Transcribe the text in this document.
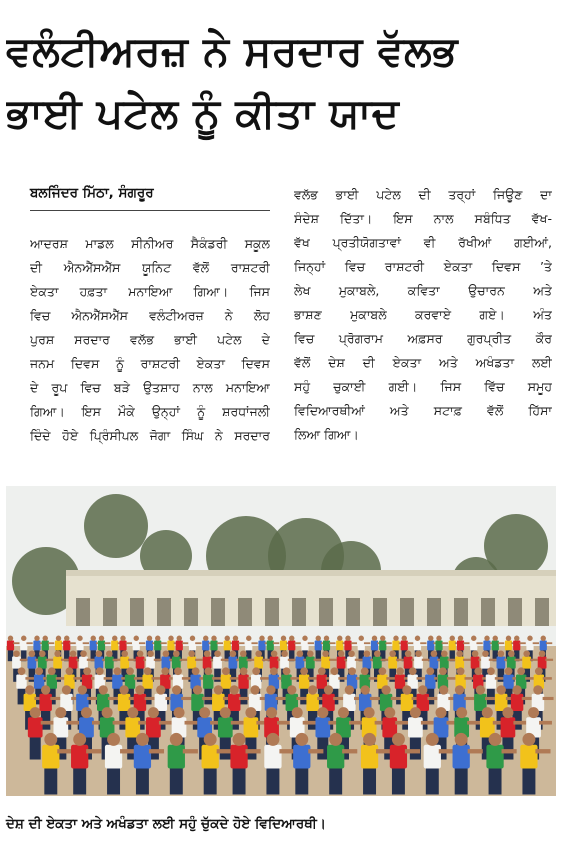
ਵਲੰਟੀਅਰਜ਼ ਨੇ ਸਰਦਾਰ ਵੱਲਭ
ਭਾਈ ਪਟੇਲ ਨੂੰ ਕੀਤਾ ਯਾਦ
ਬਲਜਿੰਦਰ ਮਿੱਠਾ, ਸੰਗਰੂਰ
ਆਦਰਸ਼ ਮਾਡਲ ਸੀਨੀਅਰ ਸੈਕੰਡਰੀ ਸਕੂਲ
ਦੀ ਐਨਐੱਸਐੱਸ ਯੂਨਿਟ ਵੱਲੋਂ ਰਾਸ਼ਟਰੀ
ਏਕਤਾ ਹਫ਼ਤਾ ਮਨਾਇਆ ਗਿਆ। ਜਿਸ
ਵਿਚ ਐਨਐੱਸਐੱਸ ਵਲੰਟੀਅਰਜ਼ ਨੇ ਲੋਹ
ਪੁਰਸ਼ ਸਰਦਾਰ ਵਲੱਭ ਭਾਈ ਪਟੇਲ ਦੇ
ਜਨਮ ਦਿਵਸ ਨੂੰ ਰਾਸ਼ਟਰੀ ਏਕਤਾ ਦਿਵਸ
ਦੇ ਰੂਪ ਵਿਚ ਬੜੇ ਉਤਸ਼ਾਹ ਨਾਲ ਮਨਾਇਆ
ਗਿਆ। ਇਸ ਮੌਕੇ ਉਨ੍ਹਾਂ ਨੂੰ ਸ਼ਰਧਾਂਜਲੀ
ਦਿੰਦੇ ਹੋਏ ਪ੍ਰਿੰਸੀਪਲ ਜੋਗਾ ਸਿੰਘ ਨੇ ਸਰਦਾਰ
ਵਲੱਭ ਭਾਈ ਪਟੇਲ ਦੀ ਤਰ੍ਹਾਂ ਜਿਊਣ ਦਾ
ਸੰਦੇਸ਼ ਦਿੱਤਾ। ਇਸ ਨਾਲ ਸਬੰਧਿਤ ਵੱਖ-
ਵੱਖ ਪ੍ਰਤੀਯੋਗਤਾਵਾਂ ਵੀ ਰੱਖੀਆਂ ਗਈਆਂ,
ਜਿਨ੍ਹਾਂ ਵਿਚ ਰਾਸ਼ਟਰੀ ਏਕਤਾ ਦਿਵਸ ’ਤੇ
ਲੇਖ ਮੁਕਾਬਲੇ, ਕਵਿਤਾ ਉਚਾਰਨ ਅਤੇ
ਭਾਸ਼ਣ ਮੁਕਾਬਲੇ ਕਰਵਾਏ ਗਏ। ਅੰਤ
ਵਿਚ ਪ੍ਰੋਗਰਾਮ ਅਫ਼ਸਰ ਗੁਰਪ੍ਰੀਤ ਕੌਰ
ਵੱਲੋਂ ਦੇਸ਼ ਦੀ ਏਕਤਾ ਅਤੇ ਅਖੰਡਤਾ ਲਈ
ਸਹੁੰ ਚੁਕਾਈ ਗਈ। ਜਿਸ ਵਿੱਚ ਸਮੂਹ
ਵਿਦਿਆਰਥੀਆਂ ਅਤੇ ਸਟਾਫ਼ ਵੱਲੋਂ ਹਿੱਸਾ
ਲਿਆ ਗਿਆ।
ਦੇਸ਼ ਦੀ ਏਕਤਾ ਅਤੇ ਅਖੰਡਤਾ ਲਈ ਸਹੁੰ ਚੁੱਕਦੇ ਹੋਏ ਵਿਦਿਆਰਥੀ।
